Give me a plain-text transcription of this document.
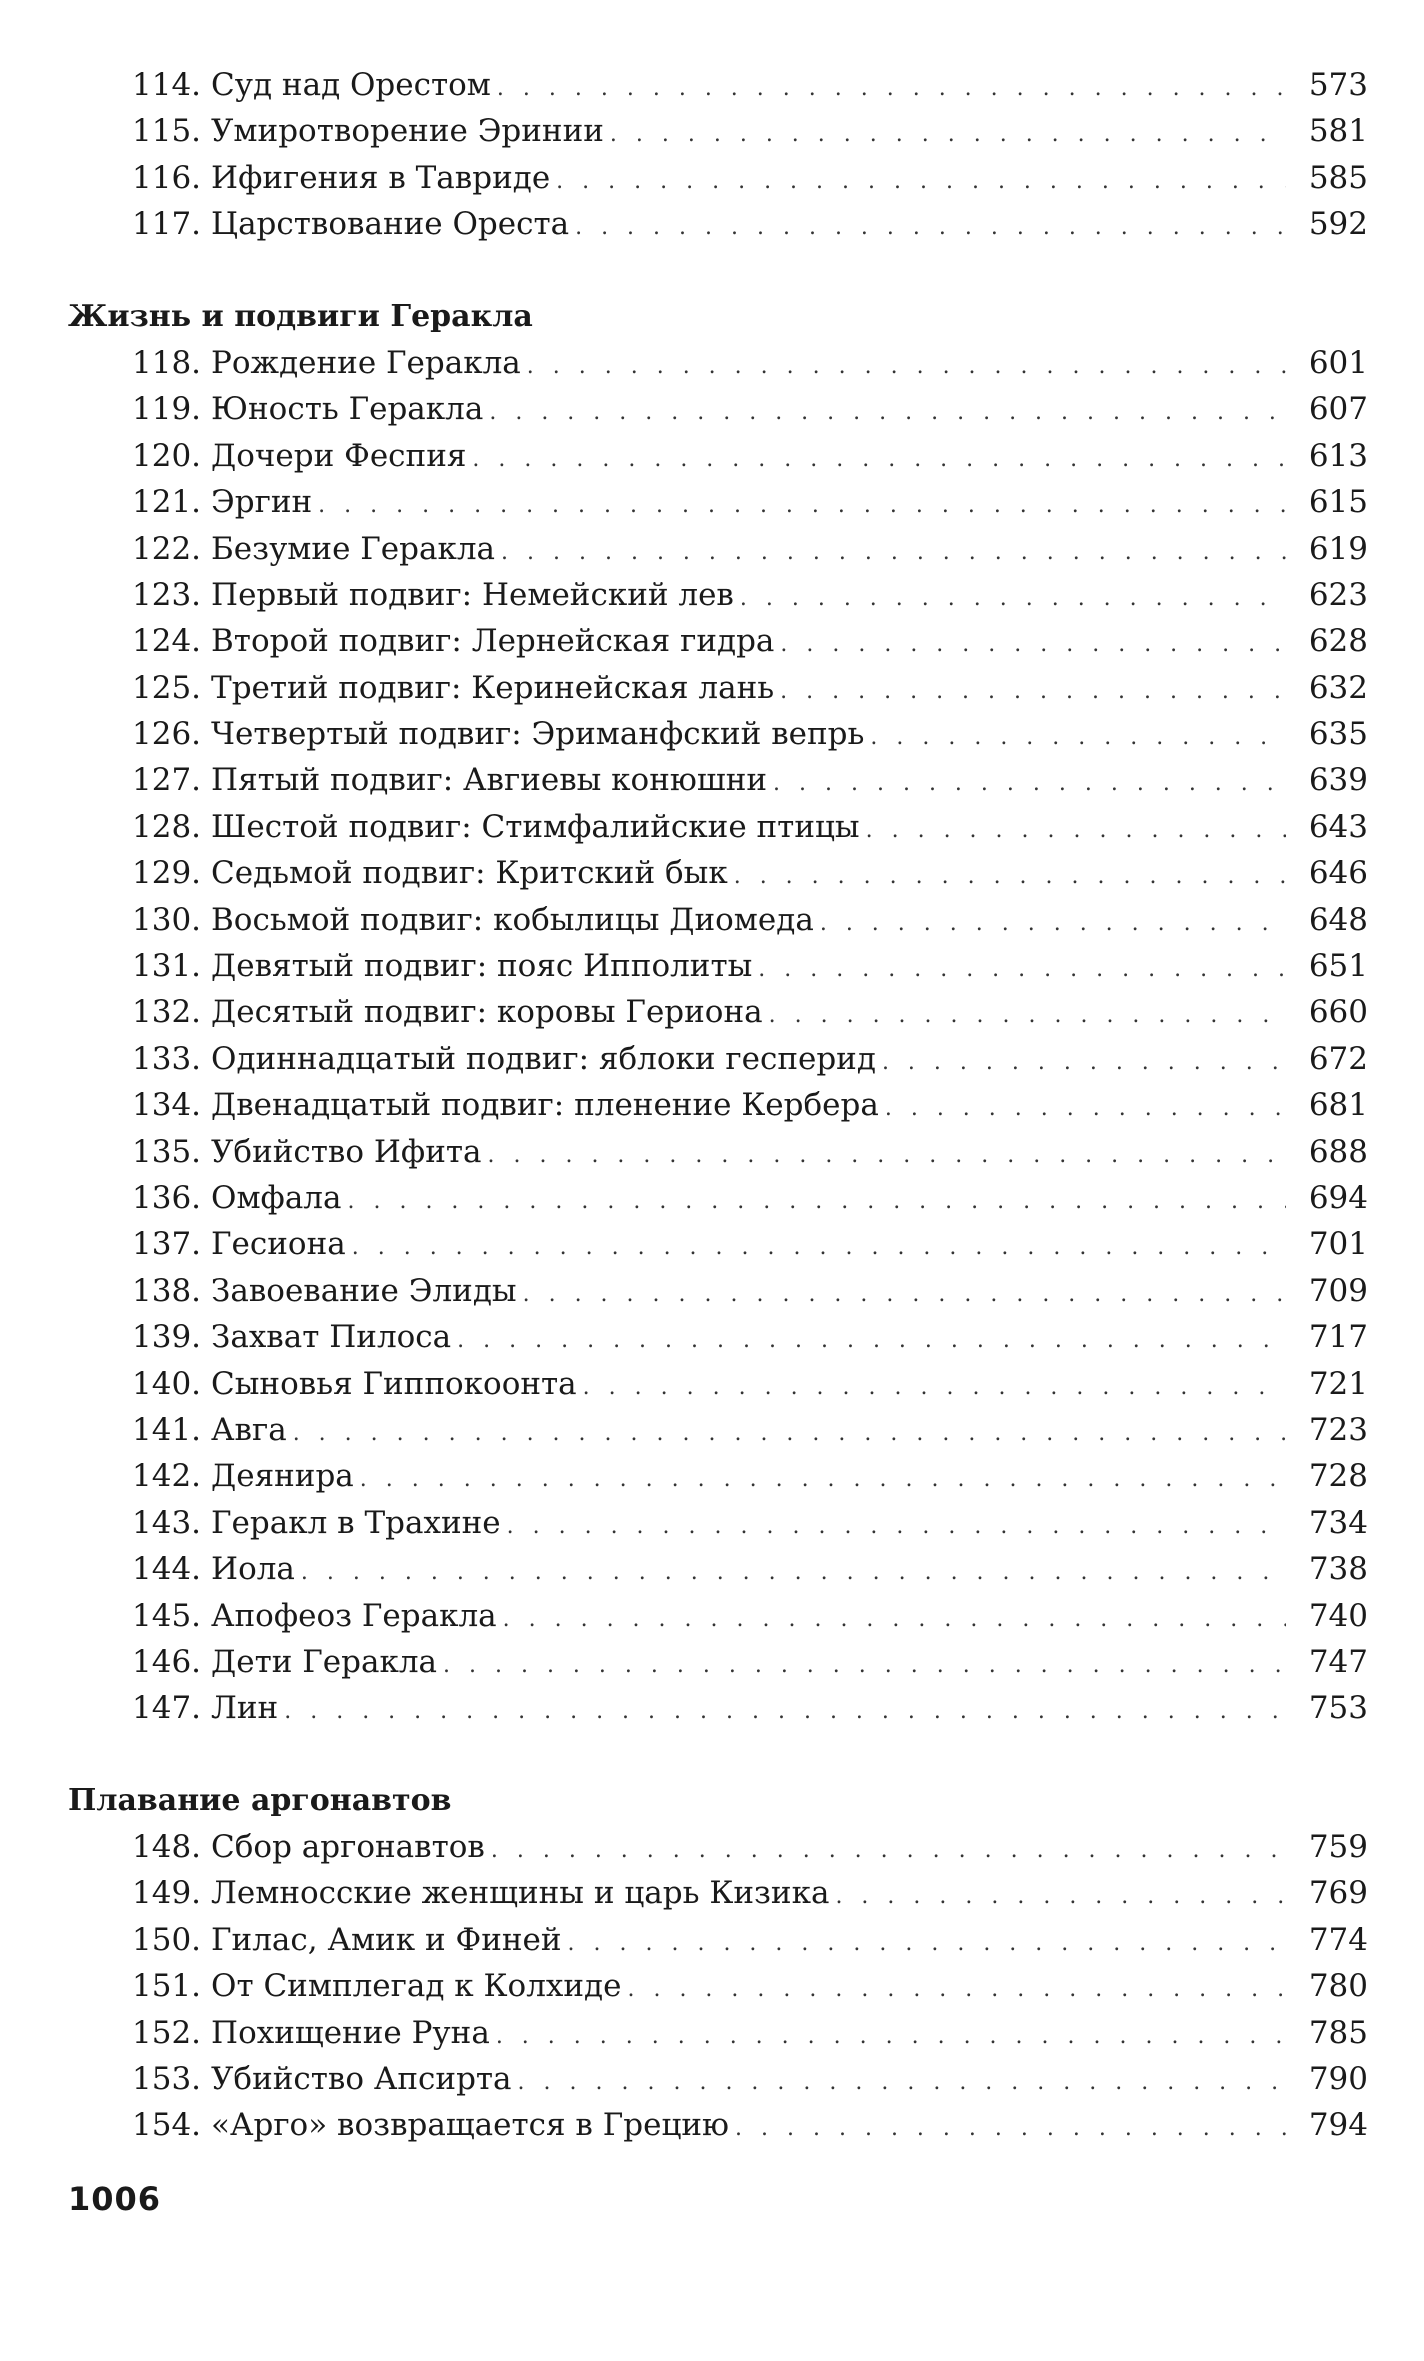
114. Суд над Орестом . . .	573
115. Умиротворение Эринии . . .	581
116. Ифигения в Тавриде . . .	585
117. Царствование Ореста . . .	592
Жизнь и подвиги Геракла
118. Рождение Геракла . . .	601
119. Юность Геракла . . .	607
120. Дочери Феспия . . .	613
121. Эргин . . .	615
122. Безумие Геракла . . .	619
123. Первый подвиг: Немейский лев . . .	623
124. Второй подвиг: Лернейская гидра . . .	628
125. Третий подвиг: Керинейская лань . . .	632
126. Четвертый подвиг: Эриманфский вепрь . . .	635
127. Пятый подвиг: Авгиевы конюшни . . .	639
128. Шестой подвиг: Стимфалийские птицы . . .	643
129. Седьмой подвиг: Критский бык . . .	646
130. Восьмой подвиг: кобылицы Диомеда . . .	648
131. Девятый подвиг: пояс Ипполиты . . .	651
132. Десятый подвиг: коровы Гериона . . .	660
133. Одиннадцатый подвиг: яблоки гесперид . . .	672
134. Двенадцатый подвиг: пленение Кербера . . .	681
135. Убийство Ифита . . .	688
136. Омфала . . .	694
137. Гесиона . . .	701
138. Завоевание Элиды . . .	709
139. Захват Пилоса . . .	717
140. Сыновья Гиппокоонта . . .	721
141. Авга . . .	723
142. Деянира . . .	728
143. Геракл в Трахине . . .	734
144. Иола . . .	738
145. Апофеоз Геракла . . .	740
146. Дети Геракла . . .	747
147. Лин . . .	753
Плавание аргонавтов
148. Сбор аргонавтов . . .	759
149. Лемносские женщины и царь Кизика . . .	769
150. Гилас, Амик и Финей . . .	774
151. От Симплегад к Колхиде . . .	780
152. Похищение Руна . . .	785
153. Убийство Апсирта . . .	790
154. «Арго» возвращается в Грецию . . .	794
1006
